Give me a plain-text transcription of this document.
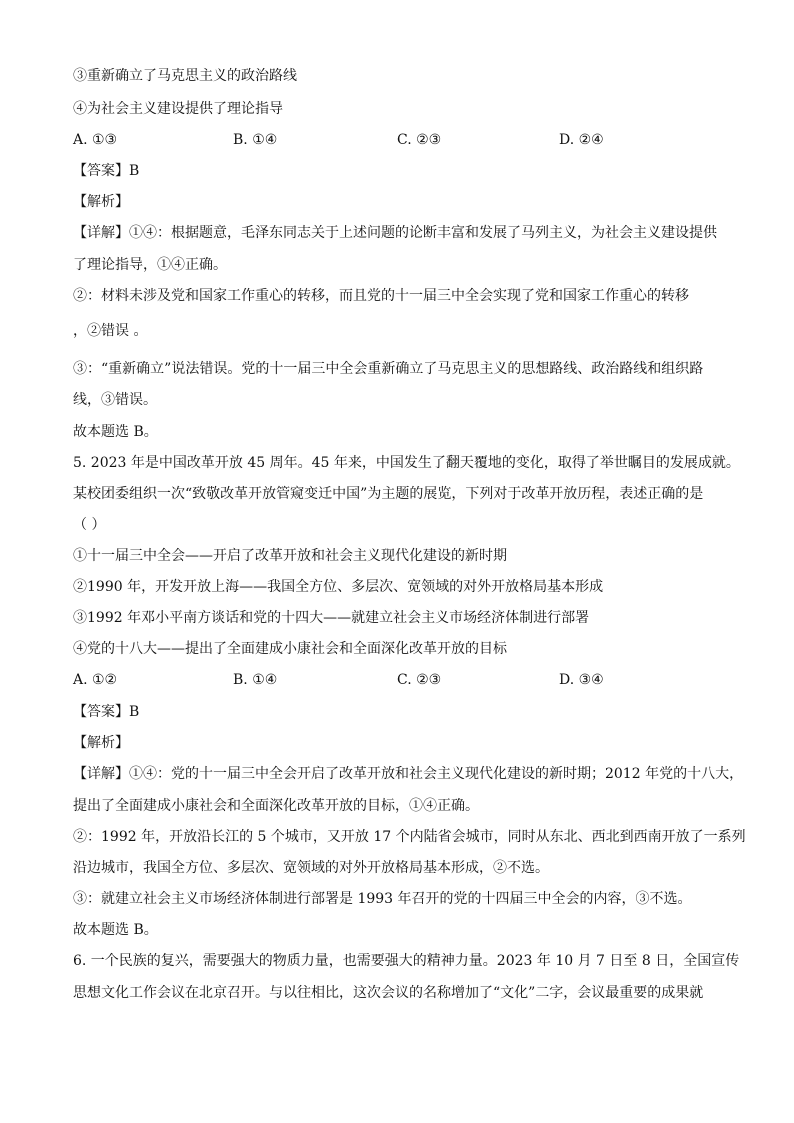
③重新确立了马克思主义的政治路线
④为社会主义建设提供了理论指导
A. ①③	B. ①④	C. ②③	D. ②④
【答案】B
【解析】
【详解】①④：根据题意，毛泽东同志关于上述问题的论断丰富和发展了马列主义，为社会主义建设提供
了理论指导，①④正确。
②：材料未涉及党和国家工作重心的转移，而且党的十一届三中全会实现了党和国家工作重心的转移
，②错误 。
③：“重新确立”说法错误。党的十一届三中全会重新确立了马克思主义的思想路线、政治路线和组织路
线，③错误。
故本题选 B。
5. 2023 年是中国改革开放 45 周年。45 年来，中国发生了翻天覆地的变化，取得了举世瞩目的发展成就。
某校团委组织一次“致敬改革开放管窥变迁中国”为主题的展览，下列对于改革开放历程，表述正确的是
（ ）
①十一届三中全会——开启了改革开放和社会主义现代化建设的新时期
②1990 年，开发开放上海——我国全方位、多层次、宽领域的对外开放格局基本形成
③1992 年邓小平南方谈话和党的十四大——就建立社会主义市场经济体制进行部署
④党的十八大——提出了全面建成小康社会和全面深化改革开放的目标
A. ①②	B. ①④	C. ②③	D. ③④
【答案】B
【解析】
【详解】①④：党的十一届三中全会开启了改革开放和社会主义现代化建设的新时期；2012 年党的十八大，
提出了全面建成小康社会和全面深化改革开放的目标，①④正确。
②：1992 年，开放沿长江的 5 个城市，又开放 17 个内陆省会城市，同时从东北、西北到西南开放了一系列
沿边城市，我国全方位、多层次、宽领域的对外开放格局基本形成，②不选。
③：就建立社会主义市场经济体制进行部署是 1993 年召开的党的十四届三中全会的内容，③不选。
故本题选 B。
6. 一个民族的复兴，需要强大的物质力量，也需要强大的精神力量。2023 年 10 月 7 日至 8 日，全国宣传
思想文化工作会议在北京召开。与以往相比，这次会议的名称增加了“文化”二字，会议最重要的成果就
